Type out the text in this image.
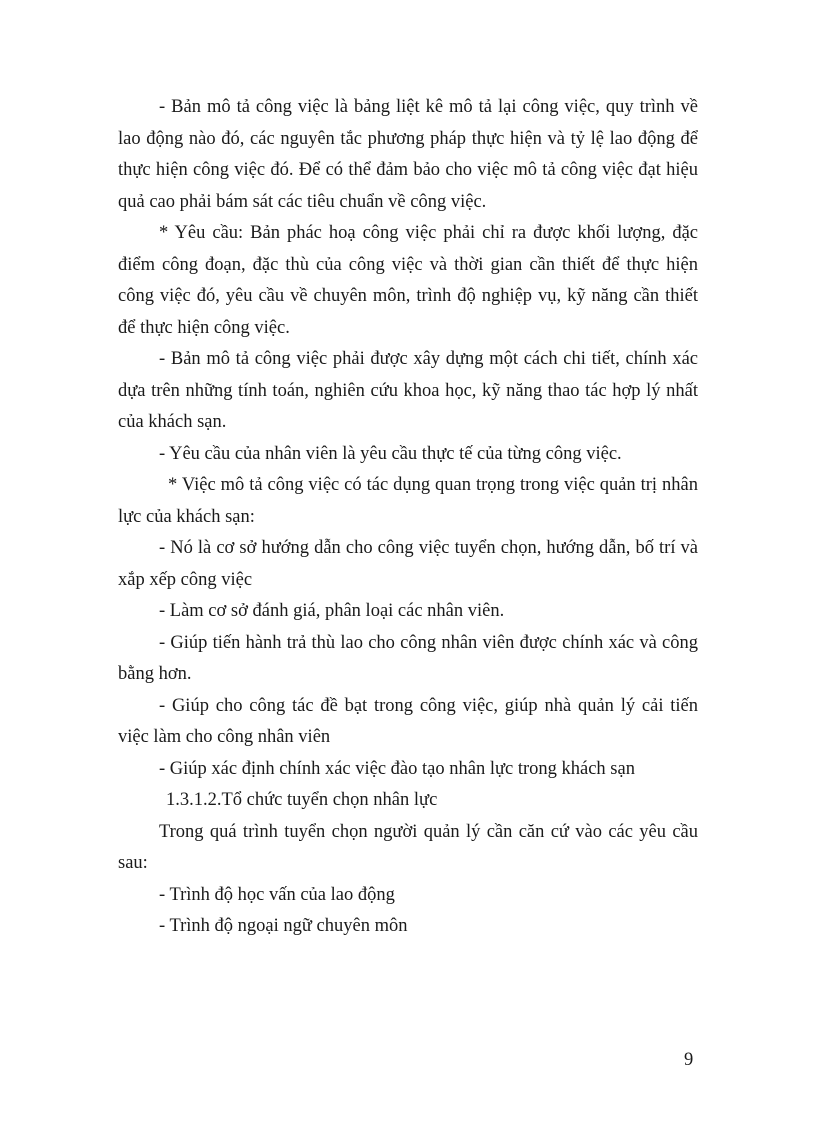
- Bản mô tả công việc là bảng liệt kê mô tả lại công việc, quy trình về lao động nào đó, các nguyên tắc phương pháp thực hiện và tỷ lệ lao động để thực hiện công việc đó. Để có thể đảm bảo cho việc mô tả công việc đạt hiệu quả cao phải bám sát các tiêu chuẩn về công việc.

* Yêu cầu: Bản phác hoạ công việc phải chỉ ra được khối lượng, đặc điểm công đoạn, đặc thù của công việc và thời gian cần thiết để thực hiện công việc đó, yêu cầu về chuyên môn, trình độ nghiệp vụ, kỹ năng cần thiết để thực hiện công việc.

- Bản mô tả công việc phải được xây dựng một cách chi tiết, chính xác dựa trên những tính toán, nghiên cứu khoa học, kỹ năng thao tác hợp lý nhất của khách sạn.

- Yêu cầu của nhân viên là yêu cầu thực tế của từng công việc.

* Việc mô tả công việc có tác dụng quan trọng trong việc quản trị nhân lực của khách sạn:

- Nó là cơ sở hướng dẫn cho công việc tuyển chọn, hướng dẫn, bố trí và xắp xếp công việc

- Làm cơ sở đánh giá, phân loại các nhân viên.

- Giúp tiến hành trả thù lao cho công nhân viên được chính xác và công bằng hơn.

- Giúp cho công tác đề bạt trong công việc, giúp nhà quản lý cải tiến việc làm cho công nhân viên

- Giúp xác định chính xác việc đào tạo nhân lực trong khách sạn

1.3.1.2.Tổ chức tuyển chọn nhân lực

Trong quá trình tuyển chọn người quản lý cần căn cứ vào các yêu cầu sau:

- Trình độ học vấn của lao động

- Trình độ ngoại ngữ chuyên môn

9
